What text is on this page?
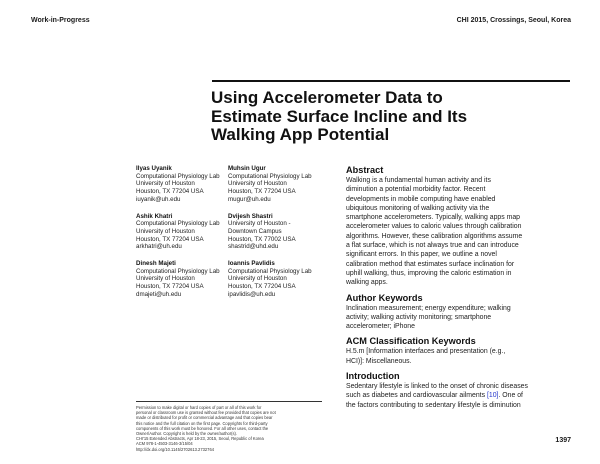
Work-in-Progress	CHI 2015, Crossings, Seoul, Korea
Using Accelerometer Data to
Estimate Surface Incline and Its
Walking App Potential
Ilyas Uyanik
Computational Physiology Lab
University of Houston
Houston, TX 77204 USA
iuyanik@uh.edu
Muhsin Ugur
Computational Physiology Lab
University of Houston
Houston, TX 77204 USA
mugur@uh.edu
Ashik Khatri
Computational Physiology Lab
University of Houston
Houston, TX 77204 USA
arkhatri@uh.edu
Dvijesh Shastri
University of Houston -
Downtown Campus
Houston, TX 77002 USA
shastrid@uhd.edu
Dinesh Majeti
Computational Physiology Lab
University of Houston
Houston, TX 77204 USA
dmajeti@uh.edu
Ioannis Pavlidis
Computational Physiology Lab
University of Houston
Houston, TX 77204 USA
ipavlidis@uh.edu
Permission to make digital or hard copies of part or all of this work for
personal or classroom use is granted without fee provided that copies are not
made or distributed for profit or commercial advantage and that copies bear
this notice and the full citation on the first page. Copyrights for third-party
components of this work must be honored. For all other uses, contact the
Owner/Author. Copyright is held by the owner/author(s).
CHI'15 Extended Abstracts, Apr 18-23, 2015, Seoul, Republic of Korea
ACM 978-1-4503-3146-3/15/04
http://dx.doi.org/10.1145/2702613.2732764
Abstract
Walking is a fundamental human activity and its
diminution a potential morbidity factor. Recent
developments in mobile computing have enabled
ubiquitous monitoring of walking activity via the
smartphone accelerometers. Typically, walking apps map
accelerometer values to caloric values through calibration
algorithms. However, these calibration algorithms assume
a flat surface, which is not always true and can introduce
significant errors. In this paper, we outline a novel
calibration method that estimates surface inclination for
uphill walking, thus, improving the caloric estimation in
walking apps.
Author Keywords
Inclination measurement; energy expenditure; walking
activity; walking activity monitoring; smartphone
accelerometer; iPhone
ACM Classification Keywords
H.5.m [Information interfaces and presentation (e.g.,
HCI)]: Miscellaneous.
Introduction
Sedentary lifestyle is linked to the onset of chronic diseases
such as diabetes and cardiovascular ailments [10]. One of
the factors contributing to sedentary lifestyle is diminution
1397
